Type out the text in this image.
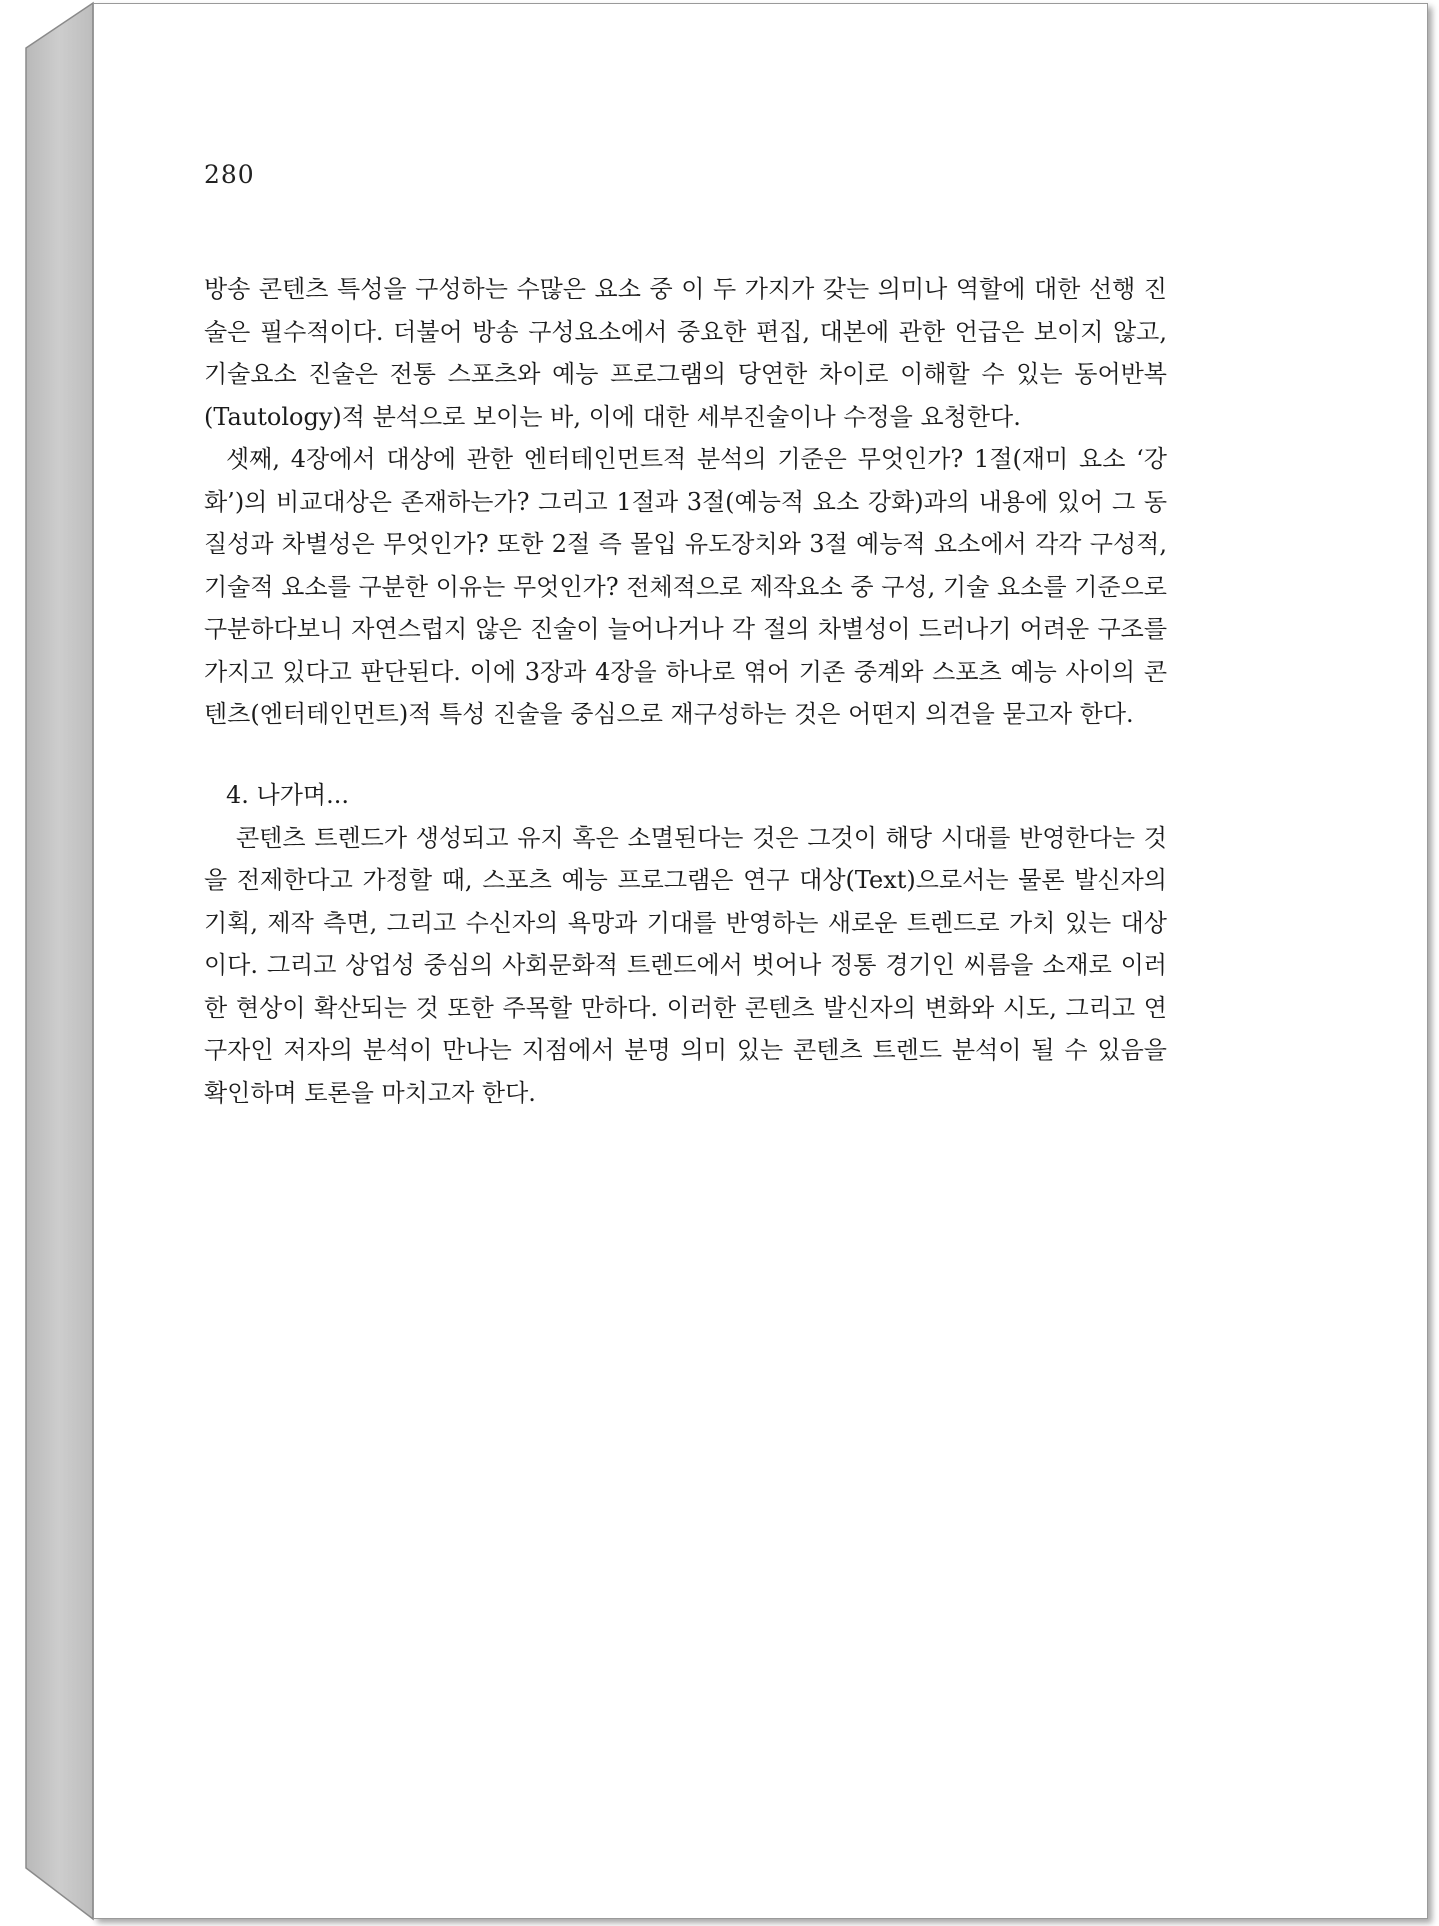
280

방송 콘텐츠 특성을 구성하는 수많은 요소 중 이 두 가지가 갖는 의미나 역할에 대한 선행 진술은 필수적이다. 더불어 방송 구성요소에서 중요한 편집, 대본에 관한 언급은 보이지 않고, 기술요소 진술은 전통 스포츠와 예능 프로그램의 당연한 차이로 이해할 수 있는 동어반복(Tautology)적 분석으로 보이는 바, 이에 대한 세부진술이나 수정을 요청한다.

셋째, 4장에서 대상에 관한 엔터테인먼트적 분석의 기준은 무엇인가? 1절(재미 요소 ‘강화’)의 비교대상은 존재하는가? 그리고 1절과 3절(예능적 요소 강화)과의 내용에 있어 그 동질성과 차별성은 무엇인가? 또한 2절 즉 몰입 유도장치와 3절 예능적 요소에서 각각 구성적, 기술적 요소를 구분한 이유는 무엇인가? 전체적으로 제작요소 중 구성, 기술 요소를 기준으로 구분하다보니 자연스럽지 않은 진술이 늘어나거나 각 절의 차별성이 드러나기 어려운 구조를 가지고 있다고 판단된다. 이에 3장과 4장을 하나로 엮어 기존 중계와 스포츠 예능 사이의 콘텐츠(엔터테인먼트)적 특성 진술을 중심으로 재구성하는 것은 어떤지 의견을 묻고자 한다.

4. 나가며...

콘텐츠 트렌드가 생성되고 유지 혹은 소멸된다는 것은 그것이 해당 시대를 반영한다는 것을 전제한다고 가정할 때, 스포츠 예능 프로그램은 연구 대상(Text)으로서는 물론 발신자의 기획, 제작 측면, 그리고 수신자의 욕망과 기대를 반영하는 새로운 트렌드로 가치 있는 대상이다. 그리고 상업성 중심의 사회문화적 트렌드에서 벗어나 정통 경기인 씨름을 소재로 이러한 현상이 확산되는 것 또한 주목할 만하다. 이러한 콘텐츠 발신자의 변화와 시도, 그리고 연구자인 저자의 분석이 만나는 지점에서 분명 의미 있는 콘텐츠 트렌드 분석이 될 수 있음을 확인하며 토론을 마치고자 한다.
